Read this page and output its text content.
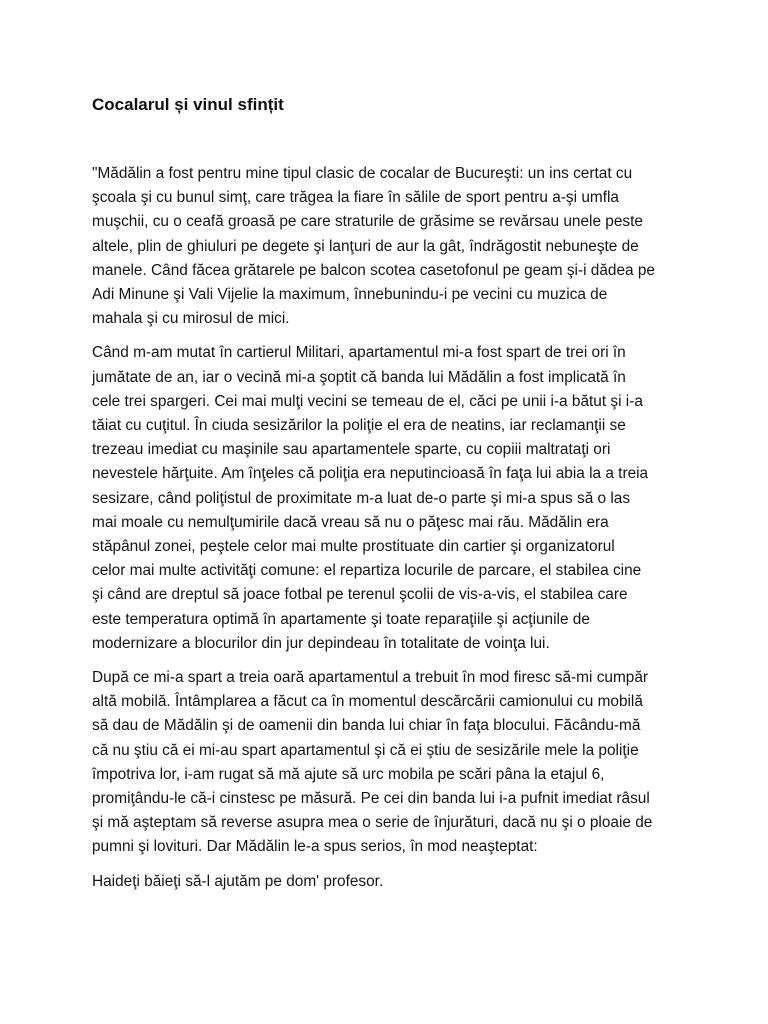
Cocalarul și vinul sfințit

"Mădălin a fost pentru mine tipul clasic de cocalar de Bucureşti: un ins certat cu
şcoala şi cu bunul simţ, care trăgea la fiare în sălile de sport pentru a-şi umfla
muşchii, cu o ceafă groasă pe care straturile de grăsime se revărsau unele peste
altele, plin de ghiuluri pe degete şi lanţuri de aur la gât, îndrăgostit nebuneşte de
manele. Când făcea grătarele pe balcon scotea casetofonul pe geam şi-i dădea pe
Adi Minune şi Vali Vijelie la maximum, înnebunindu-i pe vecini cu muzica de
mahala şi cu mirosul de mici.

Când m-am mutat în cartierul Militari, apartamentul mi-a fost spart de trei ori în
jumătate de an, iar o vecină mi-a şoptit că banda lui Mădălin a fost implicată în
cele trei spargeri. Cei mai mulţi vecini se temeau de el, căci pe unii i-a bătut şi i-a
tăiat cu cuţitul. În ciuda sesizărilor la poliţie el era de neatins, iar reclamanţii se
trezeau imediat cu maşinile sau apartamentele sparte, cu copiii maltrataţi ori
nevestele hărţuite. Am înţeles că poliţia era neputincioasă în faţa lui abia la a treia
sesizare, când poliţistul de proximitate m-a luat de-o parte şi mi-a spus să o las
mai moale cu nemulţumirile dacă vreau să nu o păţesc mai rău. Mădălin era
stăpânul zonei, peştele celor mai multe prostituate din cartier şi organizatorul
celor mai multe activităţi comune: el repartiza locurile de parcare, el stabilea cine
şi când are dreptul să joace fotbal pe terenul şcolii de vis-a-vis, el stabilea care
este temperatura optimă în apartamente şi toate reparaţiile şi acţiunile de
modernizare a blocurilor din jur depindeau în totalitate de voinţa lui.

După ce mi-a spart a treia oară apartamentul a trebuit în mod firesc să-mi cumpăr
altă mobilă. Întâmplarea a făcut ca în momentul descărcării camionului cu mobilă
să dau de Mădălin şi de oamenii din banda lui chiar în faţa blocului. Făcându-mă
că nu ştiu că ei mi-au spart apartamentul şi că ei ştiu de sesizările mele la poliţie
împotriva lor, i-am rugat să mă ajute să urc mobila pe scări pâna la etajul 6,
promiţându-le că-i cinstesc pe măsură. Pe cei din banda lui i-a pufnit imediat râsul
şi mă aşteptam să reverse asupra mea o serie de înjurături, dacă nu şi o ploaie de
pumni şi lovituri. Dar Mădălin le-a spus serios, în mod neaşteptat:

Haideţi băieţi să-l ajutăm pe dom' profesor.
